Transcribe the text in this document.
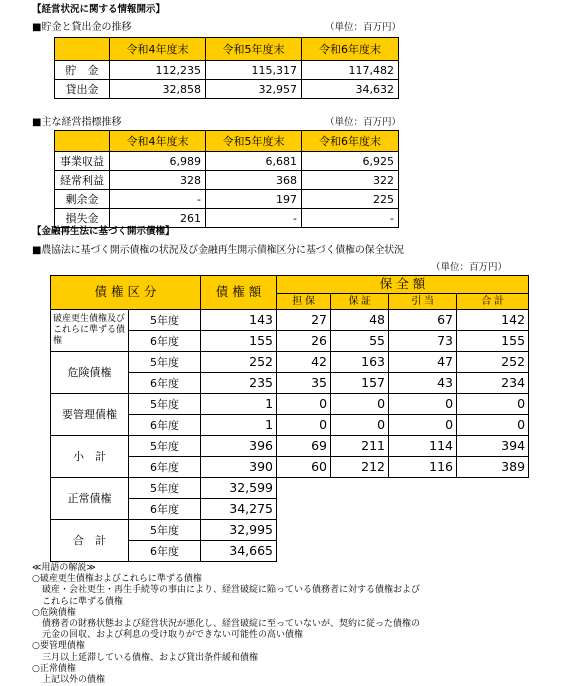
【経営状況に関する情報開示】
■貯金と貸出金の推移	（単位：百万円）
	令和4年度末	令和5年度末	令和6年度末
貯　金	112,235	115,317	117,482
貸出金	32,858	32,957	34,632
■主な経営指標推移	（単位：百万円）
	令和4年度末	令和5年度末	令和6年度末
事業収益	6,989	6,681	6,925
経常利益	328	368	322
剰余金	-	197	225
損失金	261	-	-
【金融再生法に基づく開示債権】
■農協法に基づく開示債権の状況及び金融再生開示債権区分に基づく債権の保全状況
（単位：百万円）
債 権 区 分		債 権 額	保 全 額			
			担 保	保 証	引 当	合 計
破産更生債権及びこれらに準ずる債権	5年度	143	27	48	67	142
	6年度	155	26	55	73	155
危険債権	5年度	252	42	163	47	252
	6年度	235	35	157	43	234
要管理債権	5年度	1	0	0	0	0
	6年度	1	0	0	0	0
小　計	5年度	396	69	211	114	394
	6年度	390	60	212	116	389
正常債権	5年度	32,599				
	6年度	34,275				
合　計	5年度	32,995				
	6年度	34,665				
≪用語の解説≫
○破産更生債権およびこれらに準ずる債権
破産・会社更生・再生手続等の事由により、経営破綻に陥っている債務者に対する債権および
これらに準ずる債権
○危険債権
債務者の財務状態および経営状況が悪化し、経営破綻に至っていないが、契約に従った債権の
元金の回収、および利息の受け取りができない可能性の高い債権
○要管理債権
三月以上延滞している債権、および貸出条件緩和債権
○正常債権
上記以外の債権
